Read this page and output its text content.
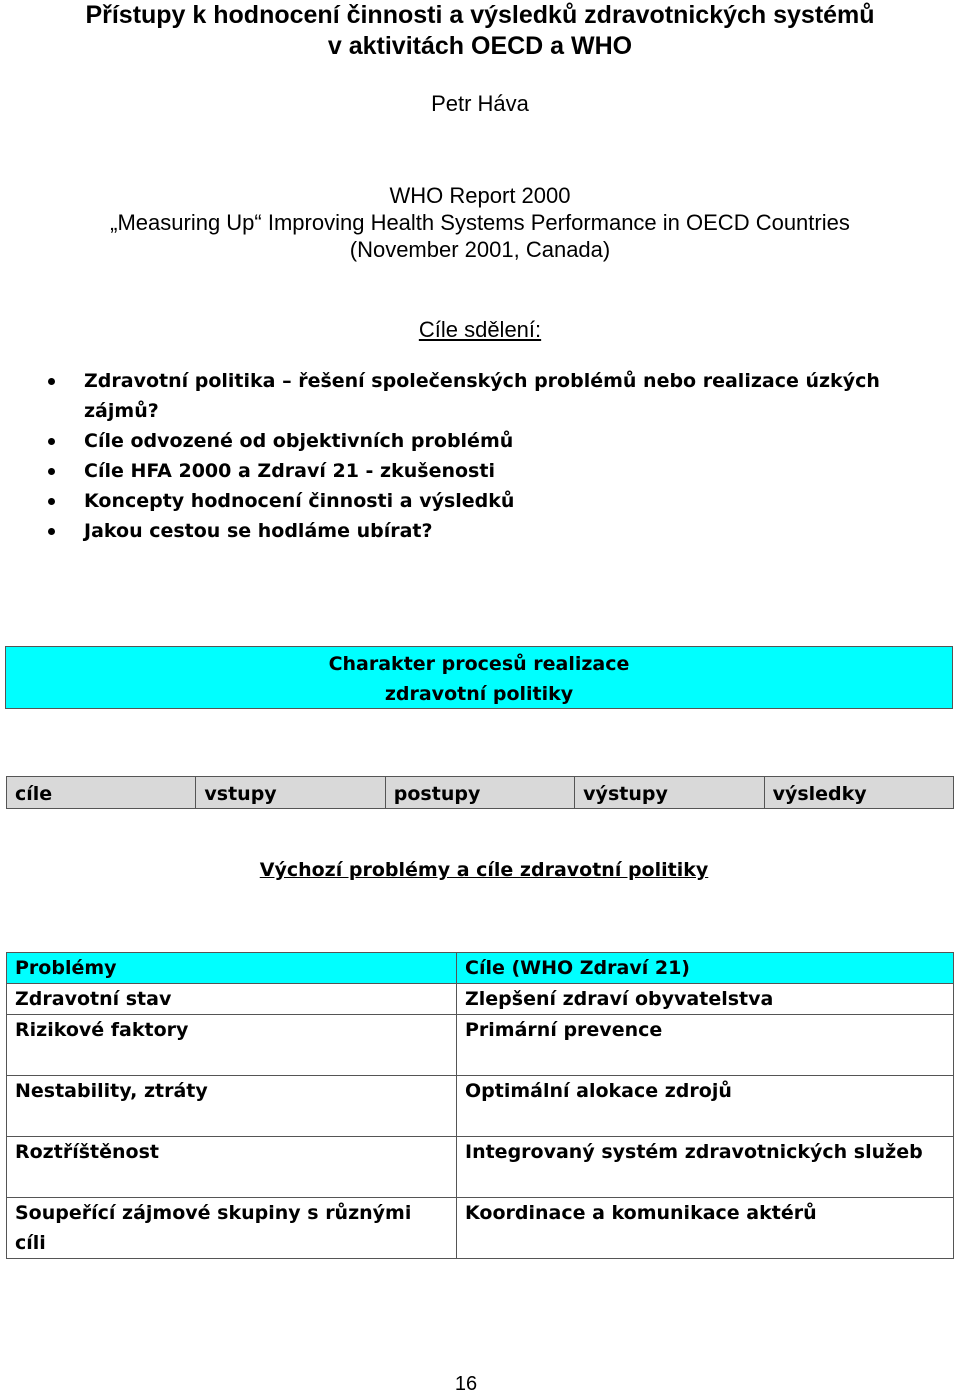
Přístupy k hodnocení činnosti a výsledků zdravotnických systémů
v aktivitách OECD a WHO
Petr Háva
WHO Report 2000
„Measuring Up“ Improving Health Systems Performance in OECD Countries
(November 2001, Canada)
Cíle sdělení:
Zdravotní politika – řešení společenských problémů nebo realizace úzkých zájmů?
Cíle odvozené od objektivních problémů
Cíle HFA 2000 a Zdraví 21 - zkušenosti
Koncepty hodnocení činnosti a výsledků
Jakou cestou se hodláme ubírat?
Charakter procesů realizace
zdravotní politiky
cíle	vstupy	postupy	výstupy	výsledky
Výchozí problémy a cíle zdravotní politiky
Problémy	Cíle (WHO Zdraví 21)
Zdravotní stav	Zlepšení zdraví obyvatelstva
Rizikové faktory	Primární prevence
Nestability, ztráty	Optimální alokace zdrojů
Roztříštěnost	Integrovaný systém zdravotnických služeb
Soupeřící zájmové skupiny s různými cíli	Koordinace a komunikace aktérů
16
